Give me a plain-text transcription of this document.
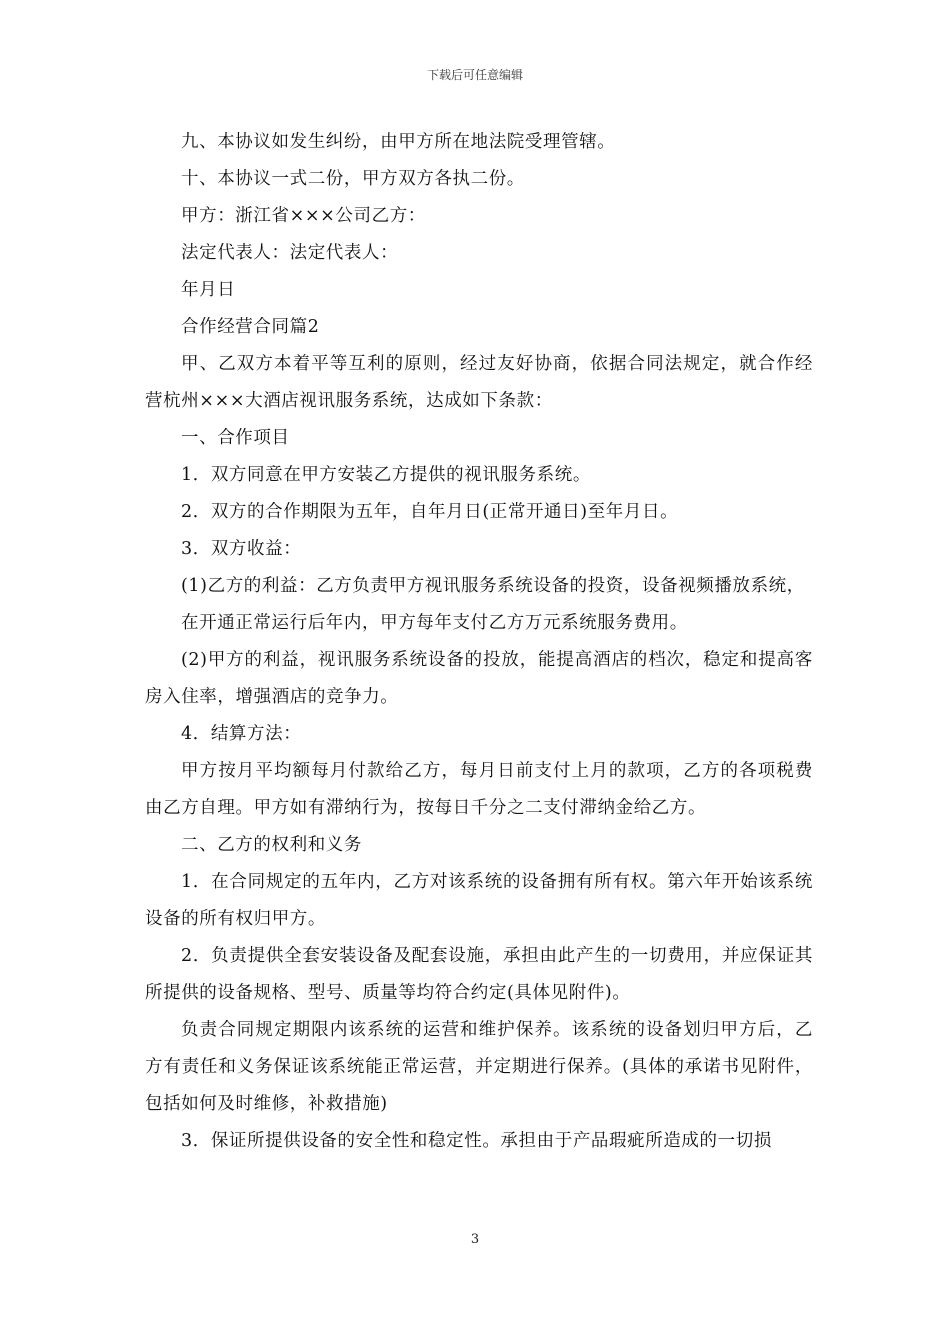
下载后可任意编辑

九、本协议如发生纠纷，由甲方所在地法院受理管辖。

十、本协议一式二份，甲方双方各执二份。

甲方：浙江省×××公司乙方：

法定代表人：法定代表人：

年月日

合作经营合同篇2

甲、乙双方本着平等互利的原则，经过友好协商，依据合同法规定，就合作经营杭州×××大酒店视讯服务系统，达成如下条款：

一、合作项目

1．双方同意在甲方安装乙方提供的视讯服务系统。

2．双方的合作期限为五年，自年月日(正常开通日)至年月日。

3．双方收益：

(1)乙方的利益：乙方负责甲方视讯服务系统设备的投资，设备视频播放系统，

在开通正常运行后年内，甲方每年支付乙方万元系统服务费用。

(2)甲方的利益，视讯服务系统设备的投放，能提高酒店的档次，稳定和提高客房入住率，增强酒店的竞争力。

4．结算方法：

甲方按月平均额每月付款给乙方，每月日前支付上月的款项，乙方的各项税费由乙方自理。甲方如有滞纳行为，按每日千分之二支付滞纳金给乙方。

二、乙方的权利和义务

1．在合同规定的五年内，乙方对该系统的设备拥有所有权。第六年开始该系统设备的所有权归甲方。

2．负责提供全套安装设备及配套设施，承担由此产生的一切费用，并应保证其所提供的设备规格、型号、质量等均符合约定(具体见附件)。

负责合同规定期限内该系统的运营和维护保养。该系统的设备划归甲方后，乙方有责任和义务保证该系统能正常运营，并定期进行保养。(具体的承诺书见附件，包括如何及时维修，补救措施)

3．保证所提供设备的安全性和稳定性。承担由于产品瑕疵所造成的一切损

3
